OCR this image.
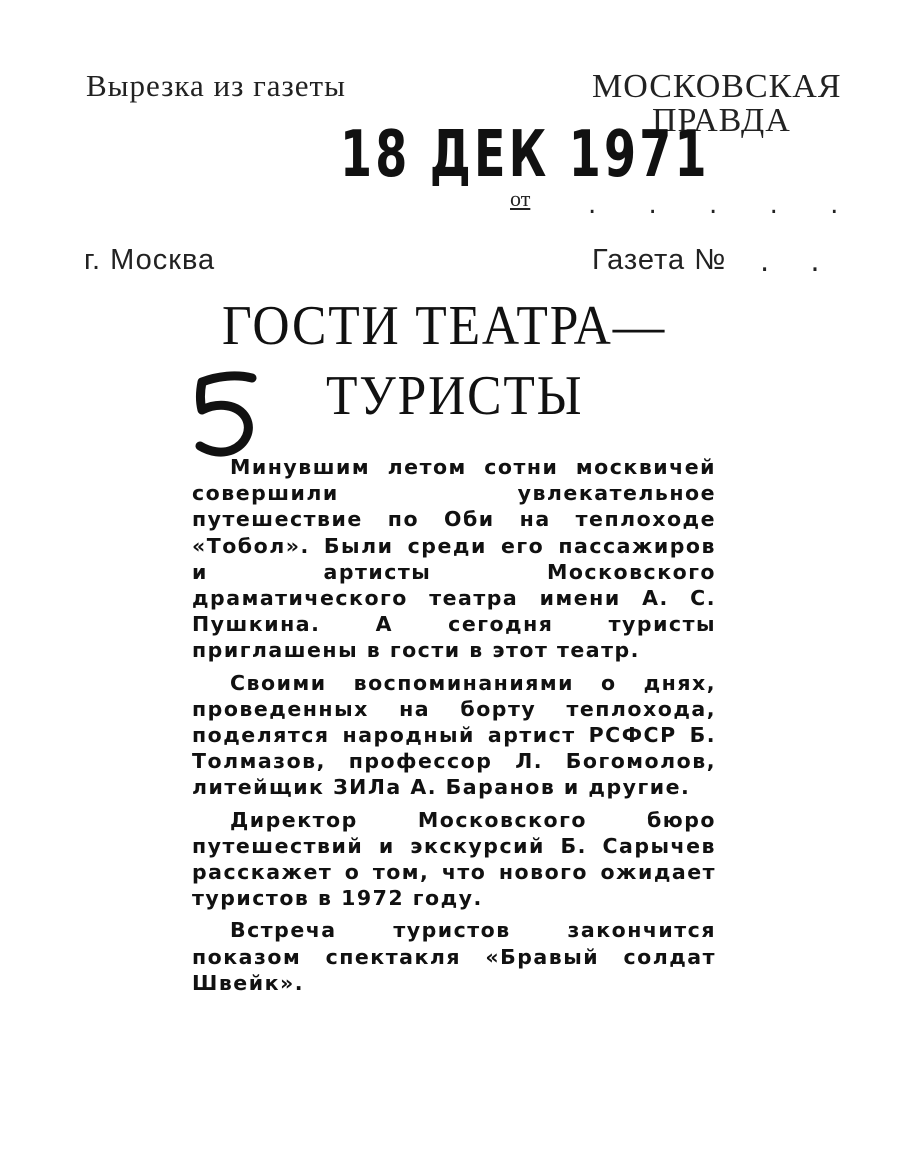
Вырезка из газеты	МОСКОВСКАЯ
ПРАВДА
18 ДЕК 1971
от . . . . .
г. Москва	Газета № . .
ГОСТИ ТЕАТРА—
ТУРИСТЫ

Минувшим летом сотни москвичей совершили увлекательное путешествие по Оби на теплоходе «Тобол». Были среди его пассажиров и артисты Московского драматического театра имени А. С. Пушкина. А сегодня туристы приглашены в гости в этот театр.

Своими воспоминаниями о днях, проведенных на борту теплохода, поделятся народный артист РСФСР Б. Толмазов, профессор Л. Богомолов, литейщик ЗИЛа А. Баранов и другие.

Директор Московского бюро путешествий и экскурсий Б. Сарычев расскажет о том, что нового ожидает туристов в 1972 году.

Встреча туристов закончится показом спектакля «Бравый солдат Швейк».
